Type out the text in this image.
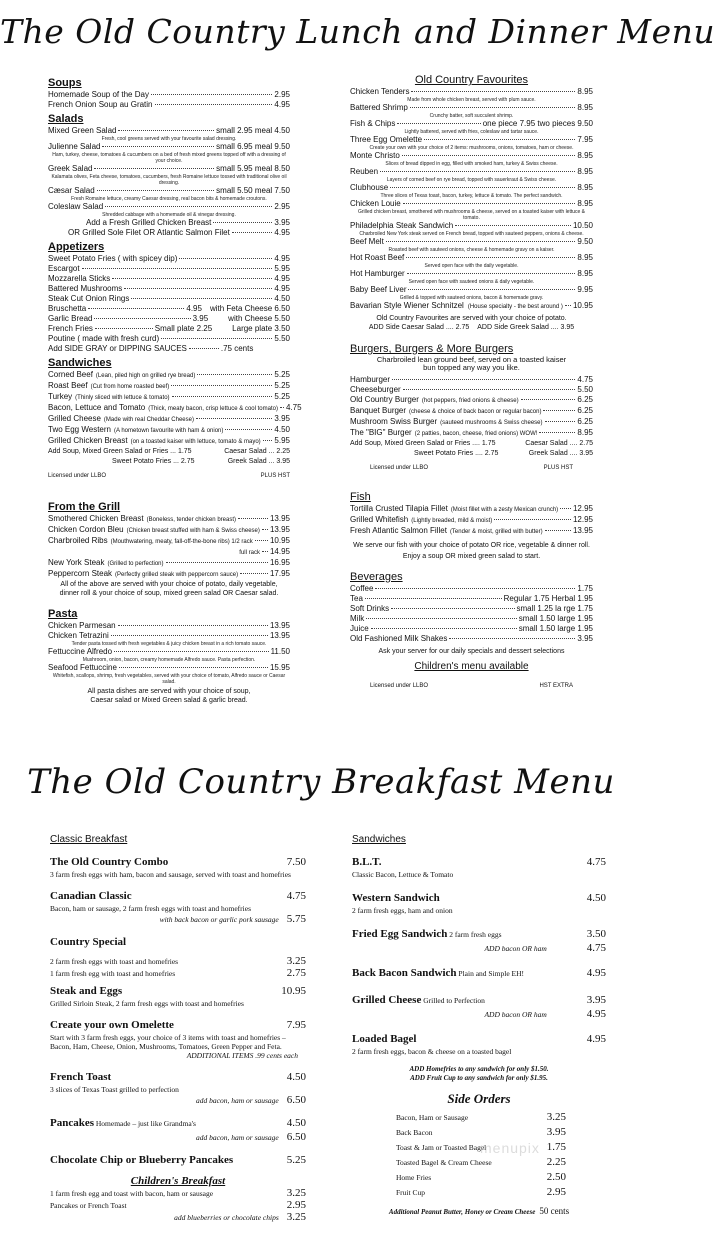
The Old Country Lunch and Dinner Menu
Soups
Homemade Soup of the Day	2.95
French Onion Soup au Gratin	4.95
Salads
Mixed Green Salad	small 2.95 meal 4.50
Fresh, cool greens served with your favourite salad dressing.
Julienne Salad	small 6.95 meal 9.50
Ham, turkey, cheese, tomatoes & cucumbers on a bed of fresh mixed greens topped off with a dressing of your choice.
Greek Salad	small 5.95 meal 8.50
Kalamata olives, Feta cheese, tomatoes, cucumbers, fresh Romaine lettuce tossed with traditional olive oil dressing.
Cæsar Salad	small 5.50 meal 7.50
Fresh Romaine lettuce, creamy Caesar dressing, real bacon bits & homemade croutons.
Coleslaw Salad	2.95
Shredded cabbage with a homemade oil & vinegar dressing.
Add a Fresh Grilled Chicken Breast	3.95
OR Grilled Sole Filet OR Atlantic Salmon Filet	4.95
Appetizers
Sweet Potato Fries ( with spicey dip)	4.95
Escargot	5.95
Mozzarella Sticks	4.95
Battered Mushrooms	4.95
Steak Cut Onion Rings	4.50
Bruschetta	4.95 with Feta Cheese 6.50
Garlic Bread	3.95	with Cheese 5.50
French Fries	Small plate 2.25	Large plate 3.50
Poutine ( made with fresh curd)	5.50
Add SIDE GRAY or DIPPING SAUCES	.75 cents
Sandwiches
Corned Beef (Lean, piled high on grilled rye bread)	5.25
Roast Beef (Cut from home roasted beef)	5.25
Turkey (Thinly sliced with lettuce & tomato)	5.25
Bacon, Lettuce and Tomato (Thick, meaty bacon, crisp lettuce & cool tomato) 4.75
Grilled Cheese (Made with real Cheddar Cheese)	3.95
Two Egg Western (A hometown favourite with ham & onion)	4.50
Grilled Chicken Breast (on a toasted kaiser with lettuce, tomato & mayo) 5.95
Add Soup, Mixed Green Salad or Fries ... 1.75	Caesar Salad ... 2.25
Sweet Potato Fries ... 2.75	Greek Salad ... 3.95
Licensed under LLBO	PLUS HST
From the Grill
Smothered Chicken Breast (Boneless, tender chicken breast)	13.95
Chicken Cordon Bleu (Chicken breast stuffed with ham & Swiss cheese) 13.95
Charbroiled Ribs (Mouthwatering, meaty, fall-off-the-bone ribs) 1/2 rack 10.95
full rack 14.95
New York Steak (Grilled to perfection)	16.95
Peppercorn Steak (Perfectly grilled steak with peppercorn sauce)	17.95
All of the above are served with your choice of potato, daily vegetable,
dinner roll & your choice of soup, mixed green salad OR Caesar salad.
Pasta
Chicken Parmesan	13.95
Chicken Tetrazini	13.95
Tender pasta tossed with fresh vegetables & juicy chicken breast in a rich tomato sauce.
Fettuccine Alfredo	11.50
Mushroom, onion, bacon, creamy homemade Alfredo sauce. Pasta perfection.
Seafood Fettuccine	15.95
Whitefish, scallops, shrimp, fresh vegetables, served with your choice of tomato, Alfredo sauce or Caesar salad.
All pasta dishes are served with your choice of soup,
Caesar salad or Mixed Green salad & garlic bread.
Old Country Favourites
Chicken Tenders	8.95
Made from whole chicken breast, served with plum sauce.
Battered Shrimp	8.95
Crunchy batter, soft succulent shrimp.
Fish & Chips	one piece 7.95 two pieces 9.50
Lightly battered, served with fries, coleslaw and tartar sauce.
Three Egg Omelette	7.95
Create your own with your choice of 2 items: mushrooms, onions, tomatoes, ham or cheese.
Monte Christo	8.95
Slices of bread dipped in egg, filled with smoked ham, turkey & Swiss cheese.
Reuben	8.95
Layers of corned beef on rye bread, topped with sauerkraut & Swiss cheese.
Clubhouse	8.95
Three slices of Texas toast, bacon, turkey, lettuce & tomato. The perfect sandwich.
Chicken Louie	8.95
Grilled chicken breast, smothered with mushrooms & cheese, served on a toasted kaiser with lettuce & tomato.
Philadelphia Steak Sandwich	10.50
Charbroiled New York steak served on French bread, topped with sauteed peppers, onions & cheese.
Beef Melt	9.50
Roasted beef with sauteed onions, cheese & homemade gravy on a kaiser.
Hot Roast Beef	8.95
Served open face with the daily vegetable.
Hot Hamburger	8.95
Served open face with sauteed onions & daily vegetable.
Baby Beef Liver	9.95
Grilled & topped with sauteed onions, bacon & homemade gravy.
Bavarian Style Wiener Schnitzel (House specialty - the best around ) 10.95
Old Country Favourites are served with your choice of potato.
ADD Side Caesar Salad .... 2.75 ADD Side Greek Salad .... 3.95
Burgers, Burgers & More Burgers
Charbroiled lean ground beef, served on a toasted kaiser bun topped any way you like.
Hamburger	4.75
Cheeseburger	5.50
Old Country Burger (hot peppers, fried onions & cheese)	6.25
Banquet Burger (cheese & choice of back bacon or regular bacon)	6.25
Mushroom Swiss Burger (sauteed mushrooms & Swiss cheese)	6.25
The "BIG" Burger (2 patties, bacon, cheese, fried onions) WOW!	8.95
Add Soup, Mixed Green Salad or Fries .... 1.75	Caesar Salad .... 2.75
Sweet Potato Fries .... 2.75	Greek Salad .... 3.95
Licensed under LLBO	PLUS HST
Fish
Tortilla Crusted Tilapia Fillet (Moist fillet with a zesty Mexican crunch) 12.95
Grilled Whitefish (Lightly breaded, mild & moist)	12.95
Fresh Atlantic Salmon Fillet (Tender & moist, grilled with butter)	13.95
We serve our fish with your choice of potato OR rice, vegetable & dinner roll.
Enjoy a soup OR mixed green salad to start.
Beverages
Coffee	1.75
Tea	Regular 1.75 Herbal 1.95
Soft Drinks	small 1.25 la rge 1.75
Milk	small 1.50 large 1.95
Juice	small 1.50 large 1.95
Old Fashioned Milk Shakes	3.95
Ask your server for our daily specials and dessert selections
Children's menu available
Licensed under LLBO	HST EXTRA
The Old Country Breakfast Menu
Classic Breakfast
The Old Country Combo	7.50
3 farm fresh eggs with ham, bacon and sausage, served with toast and homefries
Canadian Classic	4.75
Bacon, ham or sausage, 2 farm fresh eggs with toast and homefries
with back bacon or garlic pork sausage 5.75
Country Special
2 farm fresh eggs with toast and homefries	3.25
1 farm fresh egg with toast and homefries	2.75
Steak and Eggs	10.95
Grilled Sirloin Steak, 2 farm fresh eggs with toast and homefries
Create your own Omelette	7.95
Start with 3 farm fresh eggs, your choice of 3 items with toast and homefries – Bacon, Ham, Cheese, Onion, Mushrooms, Tomatoes, Green Pepper and Feta.
ADDITIONAL ITEMS .99 cents each
French Toast	4.50
3 slices of Texas Toast grilled to perfection
add bacon, ham or sausage 6.50
Pancakes Homemade – just like Grandma's	4.50
add bacon, ham or sausage 6.50
Chocolate Chip or Blueberry Pancakes	5.25
Children's Breakfast
1 farm fresh egg and toast with bacon, ham or sausage	3.25
Pancakes or French Toast	2.95
add blueberries or chocolate chips 3.25
Sandwiches
B.L.T.	4.75
Classic Bacon, Lettuce & Tomato
Western Sandwich	4.50
2 farm fresh eggs, ham and onion
Fried Egg Sandwich 2 farm fresh eggs	3.50
ADD bacon OR ham	4.75
Back Bacon Sandwich Plain and Simple EH!	4.95
Grilled Cheese Grilled to Perfection	3.95
ADD bacon OR ham	4.95
Loaded Bagel	4.95
2 farm fresh eggs, bacon & cheese on a toasted bagel
ADD Homefries to any sandwich for only $1.50.
ADD Fruit Cup to any sandwich for only $1.95.
Side Orders
Bacon, Ham or Sausage	3.25
Back Bacon	3.95
Toast & Jam or Toasted Bagel	1.75
Toasted Bagel & Cream Cheese	2.25
Home Fries	2.50
Fruit Cup	2.95
Additional Peanut Butter, Honey or Cream Cheese 50 cents
menupix
